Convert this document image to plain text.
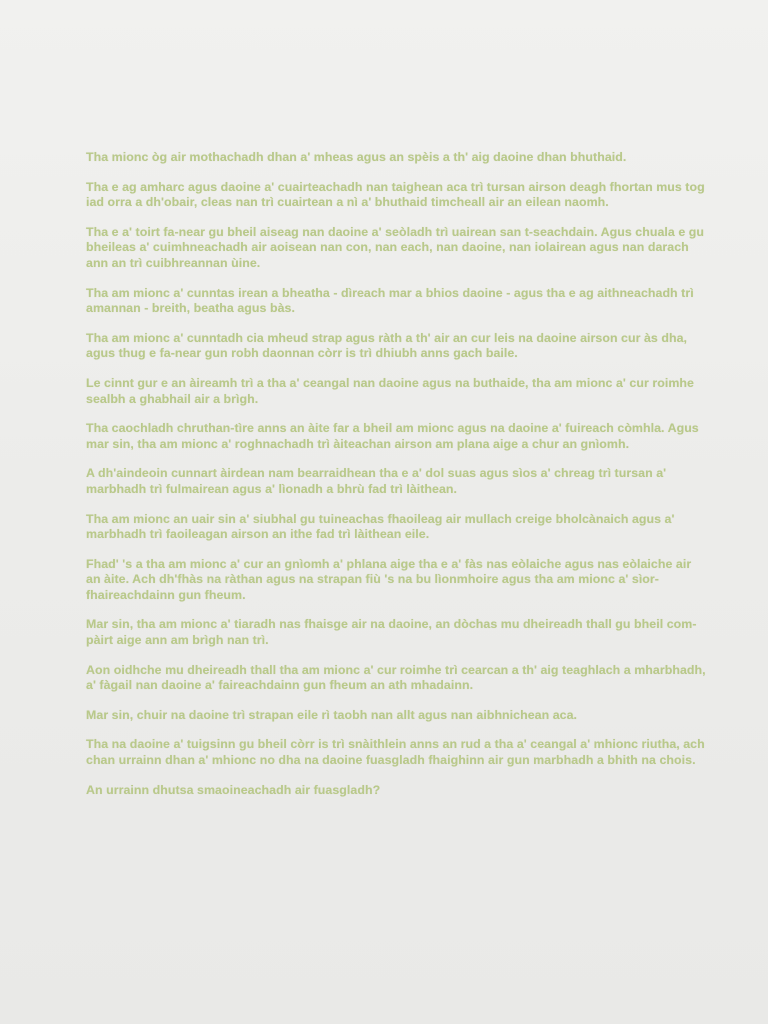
Tha mionc òg air mothachadh dhan a' mheas agus an spèis a th' aig daoine dhan bhuthaid.

Tha e ag amharc agus daoine a' cuairteachadh nan taighean aca trì tursan airson deagh fhortan mus tog iad orra a dh'obair, cleas nan trì cuairtean a nì a' bhuthaid timcheall air an eilean naomh.

Tha e a' toirt fa-near gu bheil aiseag nan daoine a' seòladh trì uairean san t-seachdain. Agus chuala e gu bheileas a' cuimhneachadh air aoisean nan con, nan each, nan daoine, nan iolairean agus nan darach ann an trì cuibhreannan ùine.

Tha am mionc a' cunntas irean a bheatha - dìreach mar a bhios daoine - agus tha e ag aithneachadh trì amannan - breith, beatha agus bàs.

Tha am mionc a' cunntadh cia mheud strap agus ràth a th' air an cur leis na daoine airson cur às dha, agus thug e fa-near gun robh daonnan còrr is trì dhiubh anns gach baile.

Le cinnt gur e an àireamh trì a tha a' ceangal nan daoine agus na buthaide, tha am mionc a' cur roimhe sealbh a ghabhail air a brìgh.

Tha caochladh chruthan-tìre anns an àite far a bheil am mionc agus na daoine a' fuireach còmhla. Agus mar sin, tha am mionc a' roghnachadh trì àiteachan airson am plana aige a chur an gnìomh.

A dh'aindeoin cunnart àirdean nam bearraidhean tha e a' dol suas agus sìos a' chreag trì tursan a' marbhadh trì fulmairean agus a' lìonadh a bhrù fad trì làithean.

Tha am mionc an uair sin a' siubhal gu tuineachas fhaoileag air mullach creige bholcànaich agus a' marbhadh trì faoileagan airson an ithe fad trì làithean eile.

Fhad' 's a tha am mionc a' cur an gnìomh a' phlana aige tha e a' fàs nas eòlaiche agus nas eòlaiche air an àite. Ach dh'fhàs na ràthan agus na strapan fiù 's na bu lìonmhoire agus tha am mionc a' sìor-fhaireachdainn gun fheum.

Mar sin, tha am mionc a' tiaradh nas fhaisge air na daoine, an dòchas mu dheireadh thall gu bheil com-pàirt aige ann am brìgh nan trì.

Aon oidhche mu dheireadh thall tha am mionc a' cur roimhe trì cearcan a th' aig teaghlach a mharbhadh, a' fàgail nan daoine a' faireachdainn gun fheum an ath mhadainn.

Mar sin, chuir na daoine trì strapan eile rì taobh nan allt agus nan aibhnichean aca.

Tha na daoine a' tuigsinn gu bheil còrr is trì snàithlein anns an rud a tha a' ceangal a' mhionc riutha, ach chan urrainn dhan a' mhionc no dha na daoine fuasgladh fhaighinn air gun marbhadh a bhith na chois.

An urrainn dhutsa smaoineachadh air fuasgladh?
